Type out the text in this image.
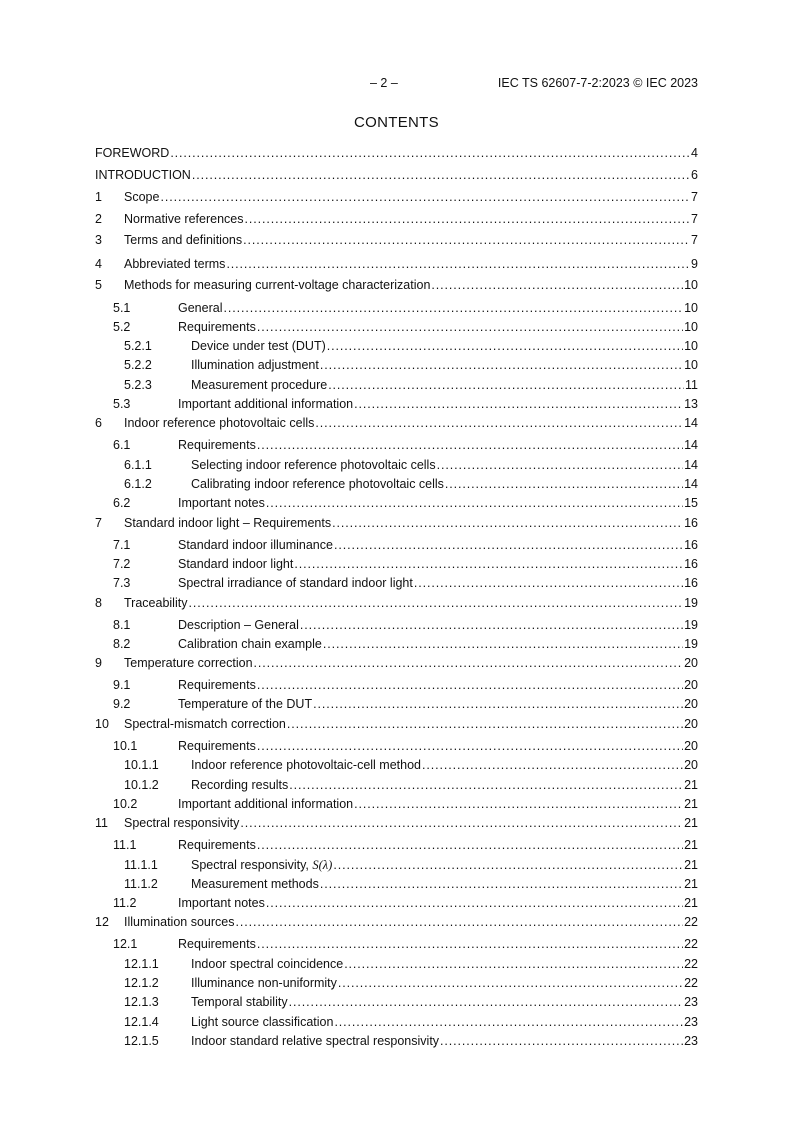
– 2 –	IEC TS 62607-7-2:2023 © IEC 2023
CONTENTS
FOREWORD .....	4
INTRODUCTION .....	6
1	Scope .....	7
2	Normative references .....	7
3	Terms and definitions .....	7
4	Abbreviated terms .....	9
5	Methods for measuring current-voltage characterization .....	10
5.1	General .....	10
5.2	Requirements .....	10
5.2.1	Device under test (DUT) .....	10
5.2.2	Illumination adjustment .....	10
5.2.3	Measurement procedure .....	11
5.3	Important additional information .....	13
6	Indoor reference photovoltaic cells .....	14
6.1	Requirements .....	14
6.1.1	Selecting indoor reference photovoltaic cells .....	14
6.1.2	Calibrating indoor reference photovoltaic cells .....	14
6.2	Important notes .....	15
7	Standard indoor light – Requirements .....	16
7.1	Standard indoor illuminance .....	16
7.2	Standard indoor light .....	16
7.3	Spectral irradiance of standard indoor light .....	16
8	Traceability .....	19
8.1	Description – General .....	19
8.2	Calibration chain example .....	19
9	Temperature correction .....	20
9.1	Requirements .....	20
9.2	Temperature of the DUT .....	20
10	Spectral-mismatch correction .....	20
10.1	Requirements .....	20
10.1.1	Indoor reference photovoltaic-cell method .....	20
10.1.2	Recording results .....	21
10.2	Important additional information .....	21
11	Spectral responsivity .....	21
11.1	Requirements .....	21
11.1.1	Spectral responsivity, S(λ) .....	21
11.1.2	Measurement methods .....	21
11.2	Important notes .....	21
12	Illumination sources .....	22
12.1	Requirements .....	22
12.1.1	Indoor spectral coincidence .....	22
12.1.2	Illuminance non-uniformity .....	22
12.1.3	Temporal stability .....	23
12.1.4	Light source classification .....	23
12.1.5	Indoor standard relative spectral responsivity .....	23
